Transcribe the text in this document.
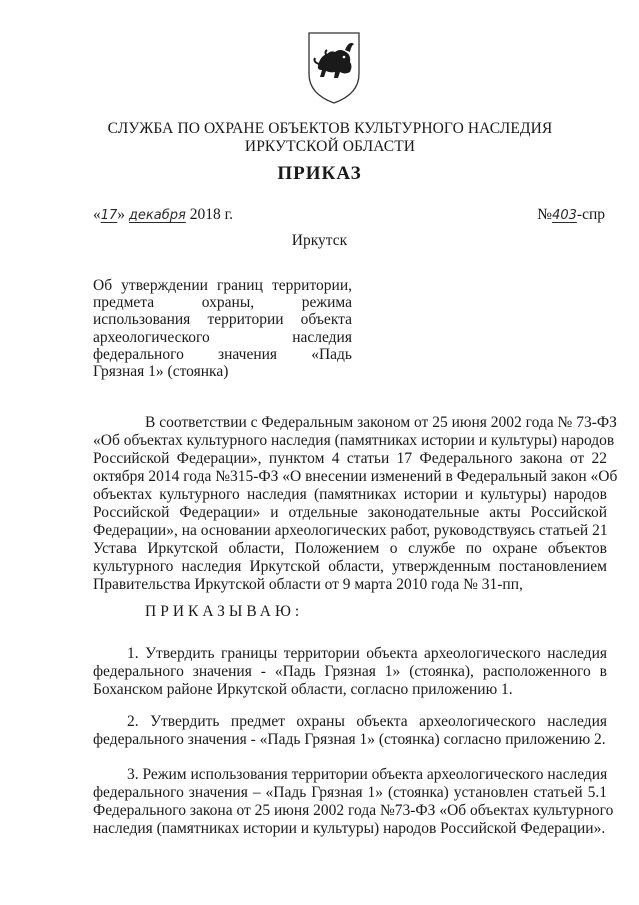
СЛУЖБА ПО ОХРАНЕ ОБЪЕКТОВ КУЛЬТУРНОГО НАСЛЕДИЯ
ИРКУТСКОЙ ОБЛАСТИ
ПРИКАЗ
«17» декабря 2018 г.	№403-спр
Иркутск
Об утверждении границ территории,
предмета охраны, режима
использования территории объекта
археологического наследия
федерального значения «Падь
Грязная 1» (стоянка)
В соответствии с Федеральным законом от 25 июня 2002 года № 73-ФЗ
«Об объектах культурного наследия (памятниках истории и культуры) народов
Российской Федерации», пунктом 4 статьи 17 Федерального закона от 22
октября 2014 года №315-ФЗ «О внесении изменений в Федеральный закон «Об
объектах культурного наследия (памятниках истории и культуры) народов
Российской Федерации» и отдельные законодательные акты Российской
Федерации», на основании археологических работ, руководствуясь статьей 21
Устава Иркутской области, Положением о службе по охране объектов
культурного наследия Иркутской области, утвержденным постановлением
Правительства Иркутской области от 9 марта 2010 года № 31-пп,
ПРИКАЗЫВАЮ:
1. Утвердить границы территории объекта археологического наследия
федерального значения - «Падь Грязная 1» (стоянка), расположенного в
Боханском районе Иркутской области, согласно приложению 1.
2. Утвердить предмет охраны объекта археологического наследия
федерального значения - «Падь Грязная 1» (стоянка) согласно приложению 2.
3. Режим использования территории объекта археологического наследия
федерального значения – «Падь Грязная 1» (стоянка) установлен статьей 5.1
Федерального закона от 25 июня 2002 года №73-ФЗ «Об объектах культурного
наследия (памятниках истории и культуры) народов Российской Федерации».
